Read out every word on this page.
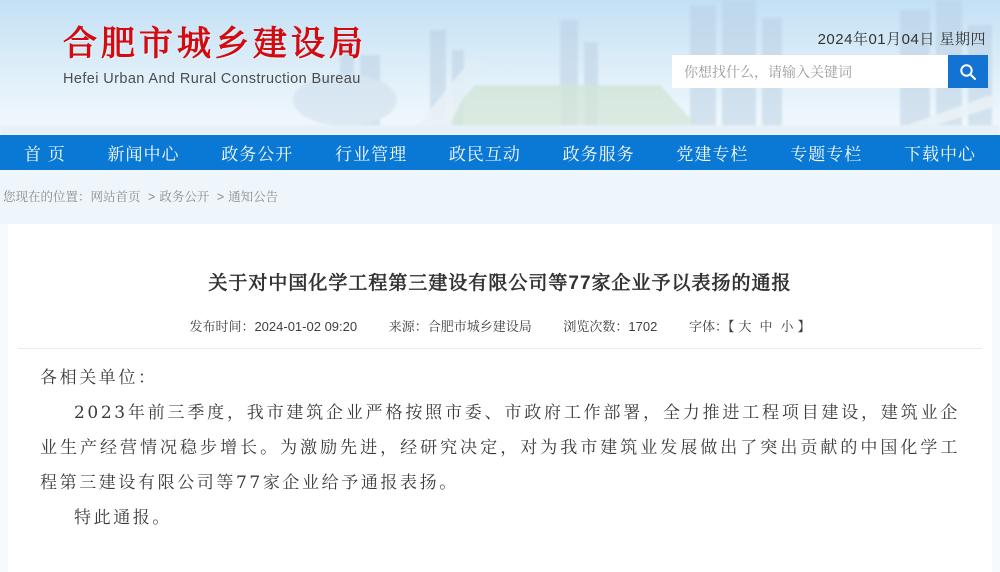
合肥市城乡建设局
Hefei Urban And Rural Construction Bureau
2024年01月04日 星期四
你想找什么，请输入关键词
首 页 新闻中心 政务公开 行业管理 政民互动 政务服务 党建专栏 专题专栏 下载中心
您现在的位置：网站首页 > 政务公开 > 通知公告
关于对中国化学工程第三建设有限公司等77家企业予以表扬的通报
发布时间：2024-01-02 09:20 来源：合肥市城乡建设局 浏览次数：1702 字体：【 大 中 小 】

各相关单位：

2023年前三季度，我市建筑企业严格按照市委、市政府工作部署，全力推进工程项目建设，建筑业企业生产经营情况稳步增长。为激励先进，经研究决定，对为我市建筑业发展做出了突出贡献的中国化学工程第三建设有限公司等77家企业给予通报表扬。

特此通报。
